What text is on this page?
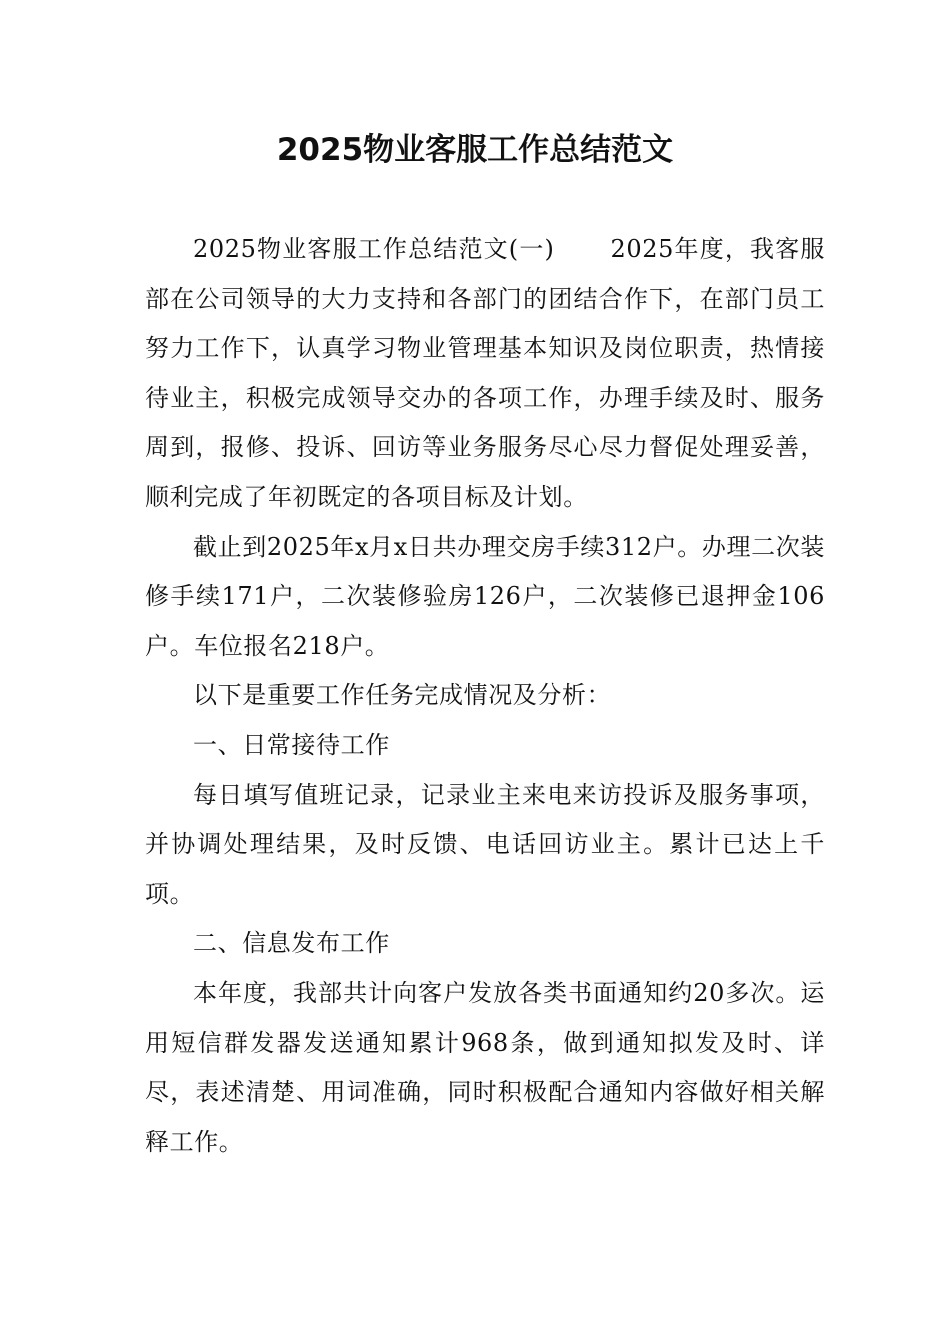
2025物业客服工作总结范文

2025物业客服工作总结范文(一) 2025年度，我客服部在公司领导的大力支持和各部门的团结合作下，在部门员工努力工作下，认真学习物业管理基本知识及岗位职责，热情接待业主，积极完成领导交办的各项工作，办理手续及时、服务周到，报修、投诉、回访等业务服务尽心尽力督促处理妥善，顺利完成了年初既定的各项目标及计划。

截止到2025年x月x日共办理交房手续312户。办理二次装修手续171户，二次装修验房126户，二次装修已退押金106户。车位报名218户。

以下是重要工作任务完成情况及分析：

一、日常接待工作

每日填写值班记录，记录业主来电来访投诉及服务事项，并协调处理结果，及时反馈、电话回访业主。累计已达上千项。

二、信息发布工作

本年度，我部共计向客户发放各类书面通知约20多次。运用短信群发器发送通知累计968条，做到通知拟发及时、详尽，表述清楚、用词准确，同时积极配合通知内容做好相关解释工作。
